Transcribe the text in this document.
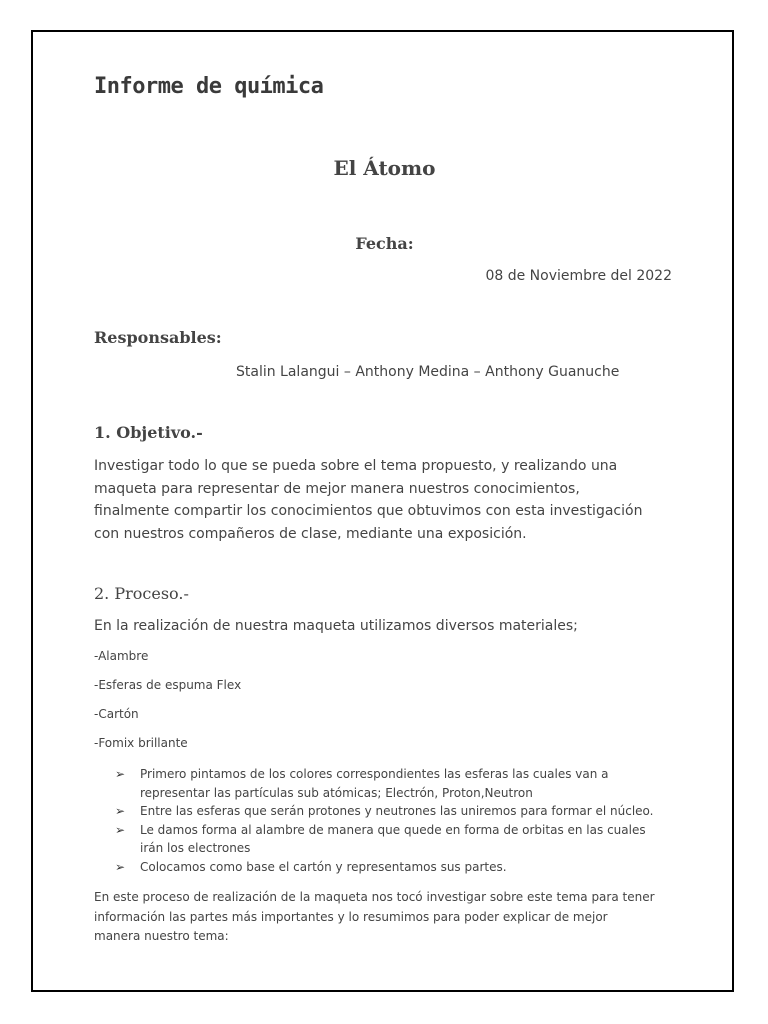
Informe de química
El Átomo
Fecha:
08 de Noviembre del 2022
Responsables:
Stalin Lalangui – Anthony Medina – Anthony Guanuche
1. Objetivo.-
Investigar todo lo que se pueda sobre el tema propuesto, y realizando una
maqueta para representar de mejor manera nuestros conocimientos,
finalmente compartir los conocimientos que obtuvimos con esta investigación
con nuestros compañeros de clase, mediante una exposición.
2. Proceso.-
En la realización de nuestra maqueta utilizamos diversos materiales;
-Alambre
-Esferas de espuma Flex
-Cartón
-Fomix brillante
➢ Primero pintamos de los colores correspondientes las esferas las cuales van a
representar las partículas sub atómicas; Electrón, Proton,Neutron
➢ Entre las esferas que serán protones y neutrones las uniremos para formar el núcleo.
➢ Le damos forma al alambre de manera que quede en forma de orbitas en las cuales
irán los electrones
➢ Colocamos como base el cartón y representamos sus partes.
En este proceso de realización de la maqueta nos tocó investigar sobre este tema para tener
información las partes más importantes y lo resumimos para poder explicar de mejor
manera nuestro tema:
